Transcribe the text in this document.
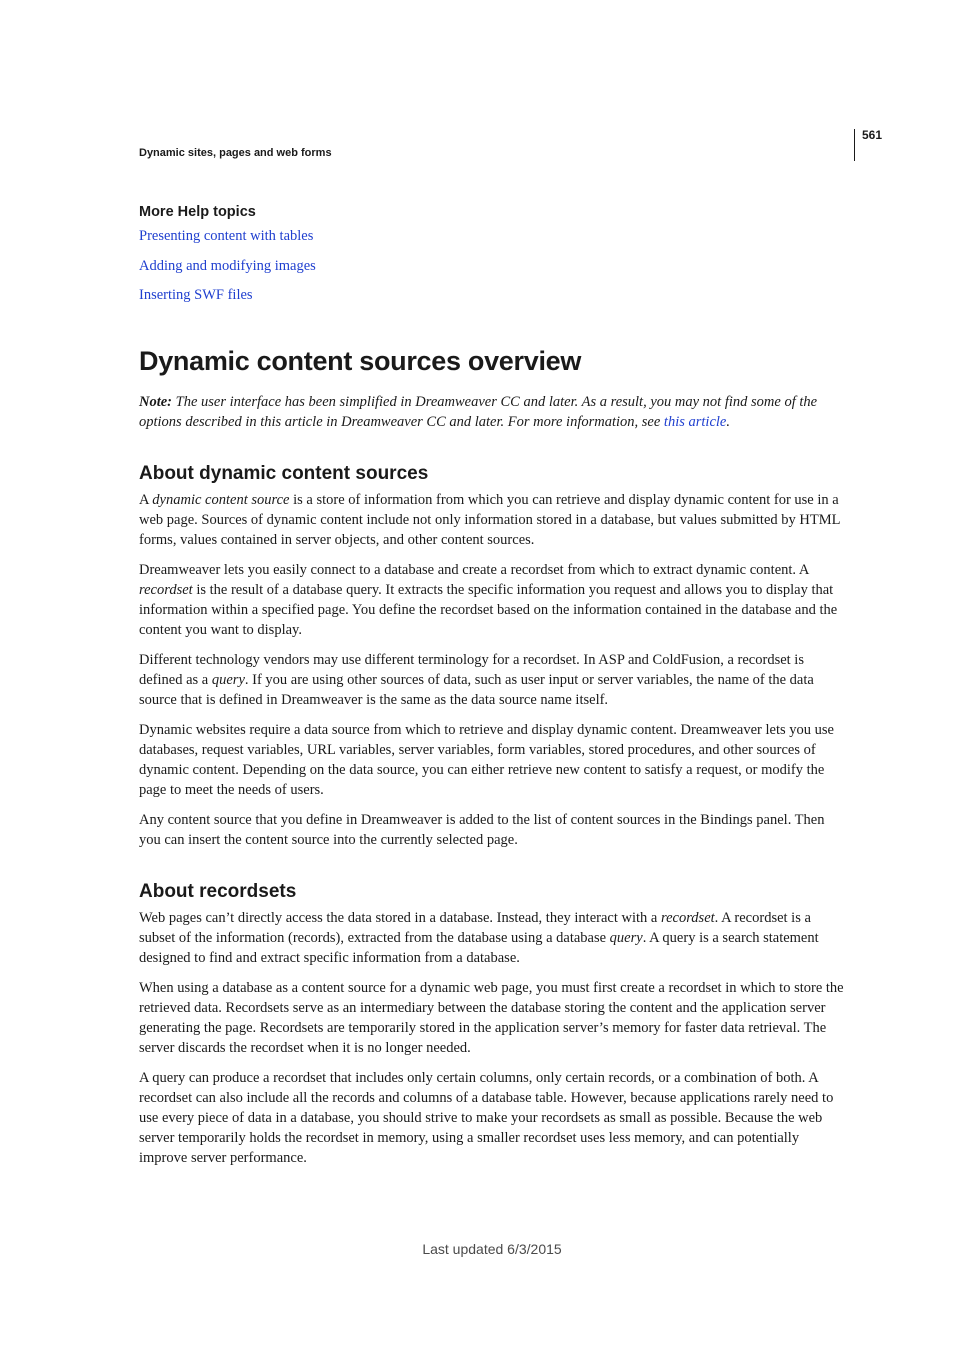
561
Dynamic sites, pages and web forms
More Help topics
Presenting content with tables
Adding and modifying images
Inserting SWF files
Dynamic content sources overview

Note: The user interface has been simplified in Dreamweaver CC and later. As a result, you may not find some of the options described in this article in Dreamweaver CC and later. For more information, see this article.

About dynamic content sources

A dynamic content source is a store of information from which you can retrieve and display dynamic content for use in a web page. Sources of dynamic content include not only information stored in a database, but values submitted by HTML forms, values contained in server objects, and other content sources.

Dreamweaver lets you easily connect to a database and create a recordset from which to extract dynamic content. A recordset is the result of a database query. It extracts the specific information you request and allows you to display that information within a specified page. You define the recordset based on the information contained in the database and the content you want to display.

Different technology vendors may use different terminology for a recordset. In ASP and ColdFusion, a recordset is defined as a query. If you are using other sources of data, such as user input or server variables, the name of the data source that is defined in Dreamweaver is the same as the data source name itself.

Dynamic websites require a data source from which to retrieve and display dynamic content. Dreamweaver lets you use databases, request variables, URL variables, server variables, form variables, stored procedures, and other sources of dynamic content. Depending on the data source, you can either retrieve new content to satisfy a request, or modify the page to meet the needs of users.

Any content source that you define in Dreamweaver is added to the list of content sources in the Bindings panel. Then you can insert the content source into the currently selected page.

About recordsets

Web pages can’t directly access the data stored in a database. Instead, they interact with a recordset. A recordset is a subset of the information (records), extracted from the database using a database query. A query is a search statement designed to find and extract specific information from a database.

When using a database as a content source for a dynamic web page, you must first create a recordset in which to store the retrieved data. Recordsets serve as an intermediary between the database storing the content and the application server generating the page. Recordsets are temporarily stored in the application server’s memory for faster data retrieval. The server discards the recordset when it is no longer needed.

A query can produce a recordset that includes only certain columns, only certain records, or a combination of both. A recordset can also include all the records and columns of a database table. However, because applications rarely need to use every piece of data in a database, you should strive to make your recordsets as small as possible. Because the web server temporarily holds the recordset in memory, using a smaller recordset uses less memory, and can potentially improve server performance.

Last updated 6/3/2015
